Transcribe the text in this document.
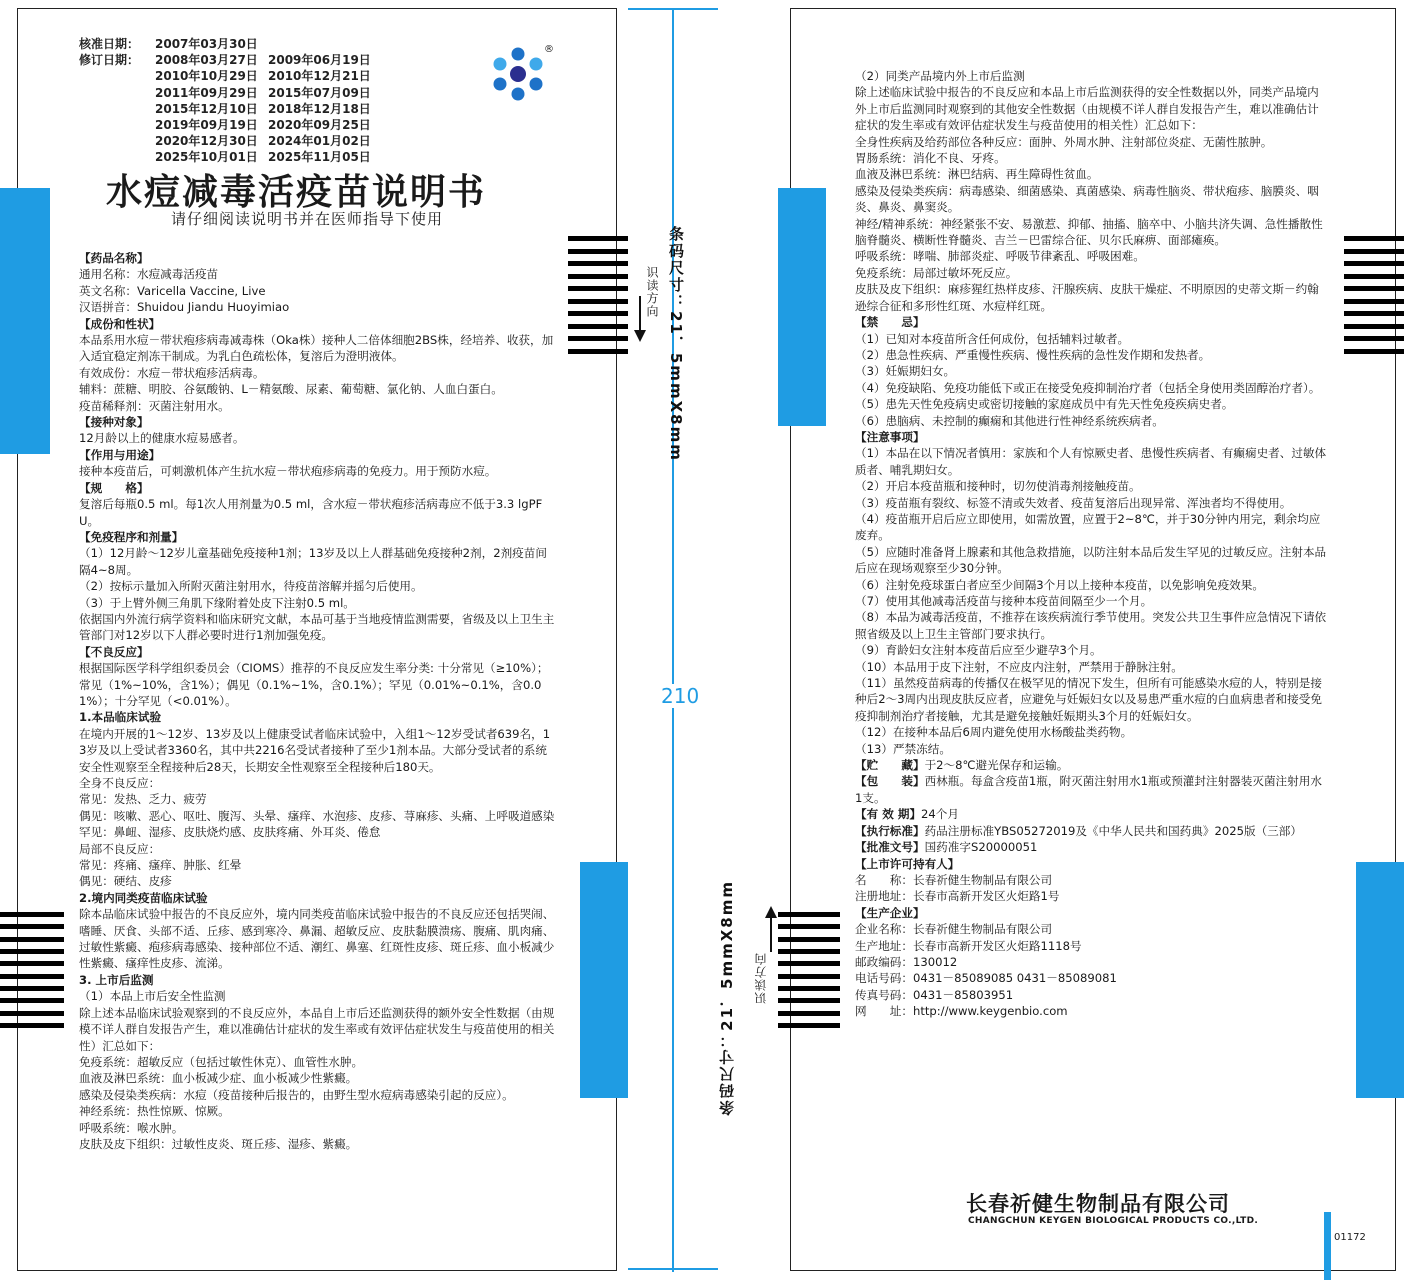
210
条码尺寸：21．5mmX8mm
识读方向
条码尺寸：21．5mmX8mm 识读方向
核准日期：	2007年03月30日
修订日期：	2008年03月27日 2009年06月19日
2010年10月29日 2010年12月21日
2011年09月29日 2015年07月09日
2015年12月10日 2018年12月18日
2019年09月19日 2020年09月25日
2020年12月30日 2024年01月02日
2025年10月01日 2025年11月05日
®
水痘减毒活疫苗说明书
请仔细阅读说明书并在医师指导下使用

【药品名称】

通用名称：水痘减毒活疫苗

英文名称：Varicella Vaccine, Live

汉语拼音：Shuidou Jiandu Huoyimiao

【成份和性状】

本品系用水痘－带状疱疹病毒减毒株（Oka株）接种人二倍体细胞2BS株，经培养、收获，加入适宜稳定剂冻干制成。为乳白色疏松体，复溶后为澄明液体。

有效成份：水痘－带状疱疹活病毒。

辅料：蔗糖、明胶、谷氨酸钠、L－精氨酸、尿素、葡萄糖、氯化钠、人血白蛋白。

疫苗稀释剂：灭菌注射用水。

【接种对象】

12月龄以上的健康水痘易感者。

【作用与用途】

接种本疫苗后，可刺激机体产生抗水痘－带状疱疹病毒的免疫力。用于预防水痘。

【规　　格】

复溶后每瓶0.5 ml。每1次人用剂量为0.5 ml，含水痘－带状疱疹活病毒应不低于3.3 lgPFU。

【免疫程序和剂量】

（1）12月龄～12岁儿童基础免疫接种1剂；13岁及以上人群基础免疫接种2剂，2剂疫苗间隔4~8周。

（2）按标示量加入所附灭菌注射用水，待疫苗溶解并摇匀后使用。

（3）于上臂外侧三角肌下缘附着处皮下注射0.5 ml。

依据国内外流行病学资料和临床研究文献，本品可基于当地疫情监测需要，省级及以上卫生主管部门对12岁以下人群必要时进行1剂加强免疫。

【不良反应】

根据国际医学科学组织委员会（CIOMS）推荐的不良反应发生率分类: 十分常见（≥10%）；常见（1%~10%，含1%）；偶见（0.1%~1%，含0.1%）；罕见（0.01%~0.1%，含0.01%）；十分罕见（<0.01%）。

1.本品临床试验

在境内开展的1～12岁、13岁及以上健康受试者临床试验中，入组1～12岁受试者639名，13岁及以上受试者3360名，其中共2216名受试者接种了至少1剂本品。大部分受试者的系统安全性观察至全程接种后28天，长期安全性观察至全程接种后180天。

全身不良反应：

常见：发热、乏力、疲劳

偶见：咳嗽、恶心、呕吐、腹泻、头晕、瘙痒、水泡疹、皮疹、荨麻疹、头痛、上呼吸道感染

罕见：鼻衄、湿疹、皮肤烧灼感、皮肤疼痛、外耳炎、倦怠

局部不良反应：

常见：疼痛、瘙痒、肿胀、红晕

偶见：硬结、皮疹

2.境内同类疫苗临床试验

除本品临床试验中报告的不良反应外，境内同类疫苗临床试验中报告的不良反应还包括哭闹、嗜睡、厌食、头部不适、丘疹、感到寒冷、鼻漏、超敏反应、皮肤黏膜溃疡、腹痛、肌肉痛、过敏性紫癜、疱疹病毒感染、接种部位不适、潮红、鼻塞、红斑性皮疹、斑丘疹、血小板减少性紫癜、瘙痒性皮疹、流涕。

3. 上市后监测

（1）本品上市后安全性监测

除上述本品临床试验观察到的不良反应外，本品自上市后还监测获得的额外安全性数据（由规模不详人群自发报告产生，难以准确估计症状的发生率或有效评估症状发生与疫苗使用的相关性）汇总如下：

免疫系统：超敏反应（包括过敏性休克）、血管性水肿。

血液及淋巴系统：血小板减少症、血小板减少性紫癜。

感染及侵染类疾病：水痘（疫苗接种后报告的，由野生型水痘病毒感染引起的反应）。

神经系统：热性惊厥、惊厥。

呼吸系统：喉水肿。

皮肤及皮下组织：过敏性皮炎、斑丘疹、湿疹、紫癜。

（2）同类产品境内外上市后监测

除上述临床试验中报告的不良反应和本品上市后监测获得的安全性数据以外，同类产品境内外上市后监测同时观察到的其他安全性数据（由规模不详人群自发报告产生，难以准确估计症状的发生率或有效评估症状发生与疫苗使用的相关性）汇总如下：

全身性疾病及给药部位各种反应：面肿、外周水肿、注射部位炎症、无菌性脓肿。

胃肠系统：消化不良、牙疼。

血液及淋巴系统：淋巴结病、再生障碍性贫血。

感染及侵染类疾病：病毒感染、细菌感染、真菌感染、病毒性脑炎、带状疱疹、脑膜炎、咽炎、鼻炎、鼻窦炎。

神经/精神系统：神经紧张不安、易激惹、抑郁、抽搐、脑卒中、小脑共济失调、急性播散性脑脊髓炎、横断性脊髓炎、吉兰－巴雷综合征、贝尔氏麻痹、面部瘫痪。

呼吸系统：哮喘、肺部炎症、呼吸节律紊乱、呼吸困难。

免疫系统：局部过敏坏死反应。

皮肤及皮下组织：麻疹猩红热样皮疹、汗腺疾病、皮肤干燥症、不明原因的史蒂文斯－约翰逊综合征和多形性红斑、水痘样红斑。

【禁　　忌】

（1）已知对本疫苗所含任何成份，包括辅料过敏者。

（2）患急性疾病、严重慢性疾病、慢性疾病的急性发作期和发热者。

（3）妊娠期妇女。

（4）免疫缺陷、免疫功能低下或正在接受免疫抑制治疗者（包括全身使用类固醇治疗者）。

（5）患先天性免疫病史或密切接触的家庭成员中有先天性免疫疾病史者。

（6）患脑病、未控制的癫痫和其他进行性神经系统疾病者。

【注意事项】

（1）本品在以下情况者慎用：家族和个人有惊厥史者、患慢性疾病者、有癫痫史者、过敏体质者、哺乳期妇女。

（2）开启本疫苗瓶和接种时，切勿使消毒剂接触疫苗。

（3）疫苗瓶有裂纹、标签不清或失效者、疫苗复溶后出现异常、浑浊者均不得使用。

（4）疫苗瓶开启后应立即使用，如需放置，应置于2~8℃，并于30分钟内用完，剩余均应废弃。

（5）应随时准备肾上腺素和其他急救措施，以防注射本品后发生罕见的过敏反应。注射本品后应在现场观察至少30分钟。

（6）注射免疫球蛋白者应至少间隔3个月以上接种本疫苗，以免影响免疫效果。

（7）使用其他减毒活疫苗与接种本疫苗间隔至少一个月。

（8）本品为减毒活疫苗，不推荐在该疾病流行季节使用。突发公共卫生事件应急情况下请依照省级及以上卫生主管部门要求执行。

（9）育龄妇女注射本疫苗后应至少避孕3个月。

（10）本品用于皮下注射，不应皮内注射，严禁用于静脉注射。

（11）虽然疫苗病毒的传播仅在极罕见的情况下发生，但所有可能感染水痘的人，特别是接种后2～3周内出现皮肤反应者，应避免与妊娠妇女以及易患严重水痘的白血病患者和接受免疫抑制剂治疗者接触，尤其是避免接触妊娠期头3个月的妊娠妇女。

（12）在接种本品后6周内避免使用水杨酸盐类药物。

（13）严禁冻结。

【贮　　藏】于2～8℃避光保存和运输。

【包　　装】西林瓶。每盒含疫苗1瓶，附灭菌注射用水1瓶或预灌封注射器装灭菌注射用水1支。

【有 效 期】24个月

【执行标准】药品注册标准YBS05272019及《中华人民共和国药典》2025版（三部）

【批准文号】国药准字S20000051

【上市许可持有人】

名　　称：长春祈健生物制品有限公司

注册地址：长春市高新开发区火炬路1号

【生产企业】

企业名称：长春祈健生物制品有限公司

生产地址：长春市高新开发区火炬路1118号

邮政编码：130012

电话号码：0431－85089085 0431－85089081

传真号码：0431－85803951

网　　址：http://www.keygenbio.com

长春祈健生物制品有限公司
CHANGCHUN KEYGEN BIOLOGICAL PRODUCTS CO.,LTD.
01172
